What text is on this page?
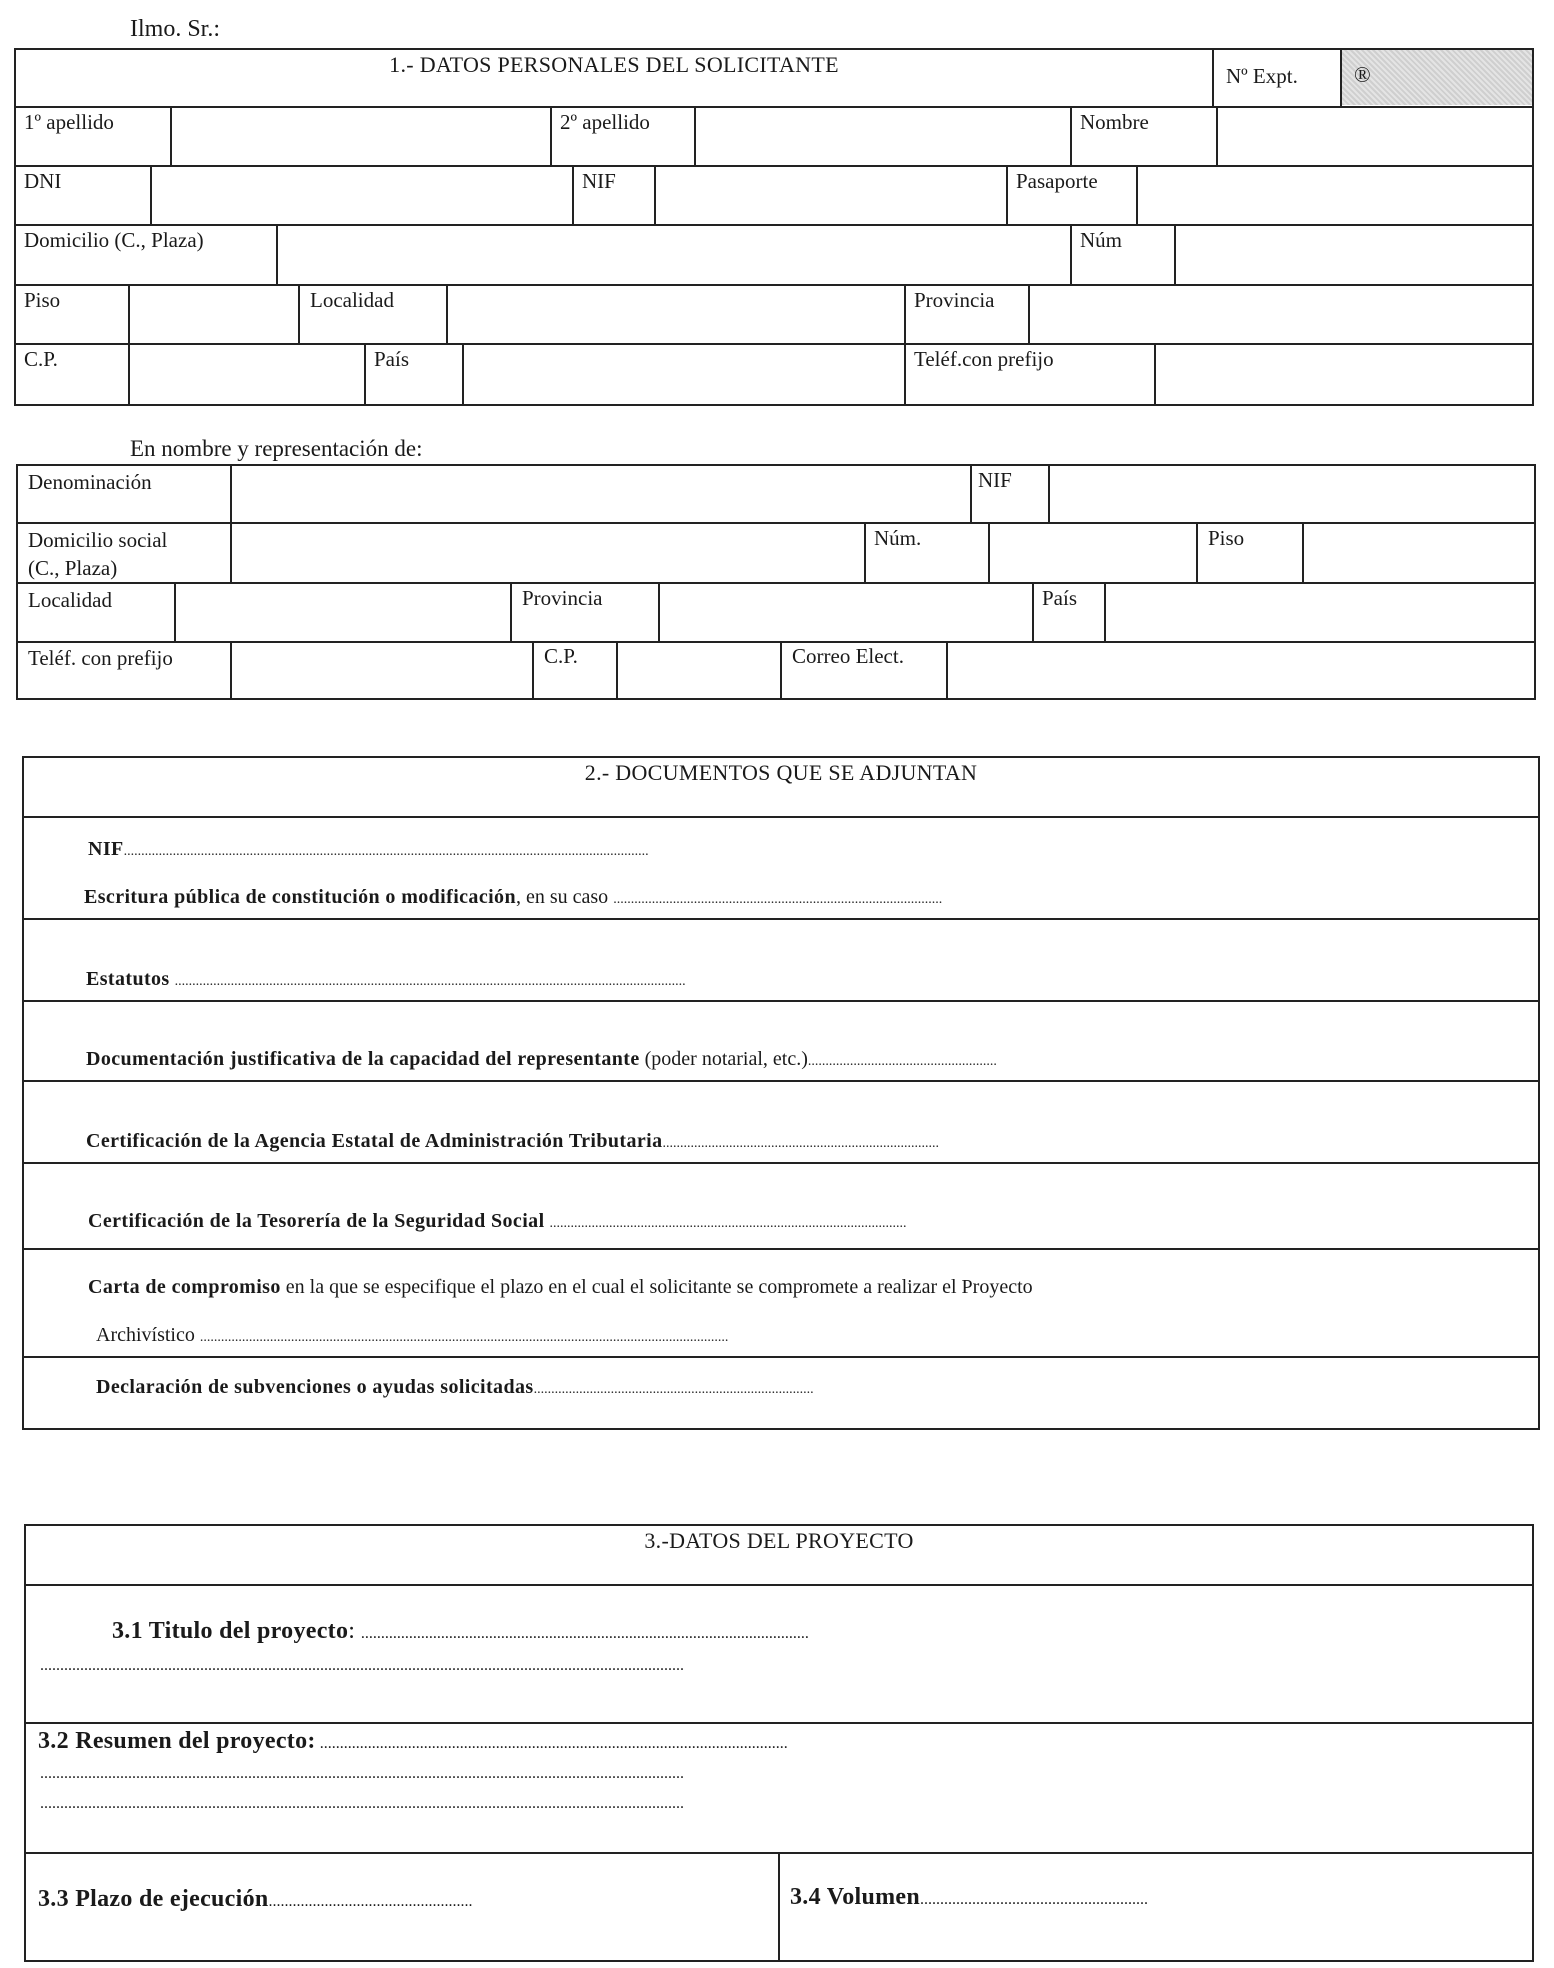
Ilmo. Sr.:
1.- DATOS PERSONALES DEL SOLICITANTE	Nº Expt.	®
1º apellido	2º apellido	Nombre
DNI	NIF	Pasaporte
Domicilio (C., Plaza)	Núm
Piso	Localidad	Provincia
C.P.	País	Teléf.con prefijo
En nombre y representación de:
Denominación	NIF
Domicilio social
(C., Plaza)
Núm.	Piso
Localidad	Provincia	País
Teléf. con prefijo	C.P.	Correo Elect.
2.- DOCUMENTOS QUE SE ADJUNTAN
NIF......................................................................................................................................................
Escritura pública de constitución o modificación, en su caso ..............................................................................................
Estatutos ..................................................................................................................................................
Documentación justificativa de la capacidad del representante (poder notarial, etc.)......................................................
Certificación de la Agencia Estatal de Administración Tributaria...............................................................................
Certificación de la Tesorería de la Seguridad Social ......................................................................................................
Carta de compromiso en la que se especifique el plazo en el cual el solicitante se compromete a realizar el Proyecto
Archivístico .......................................................................................................................................................
Declaración de subvenciones o ayudas solicitadas................................................................................
3.-DATOS DEL PROYECTO
3.1 Titulo del proyecto: ................................................................................................................
.................................................................................................................................................................
3.2 Resumen del proyecto: .....................................................................................................................
.................................................................................................................................................................
.................................................................................................................................................................
3.3 Plazo de ejecución...................................................	3.4 Volumen.........................................................
